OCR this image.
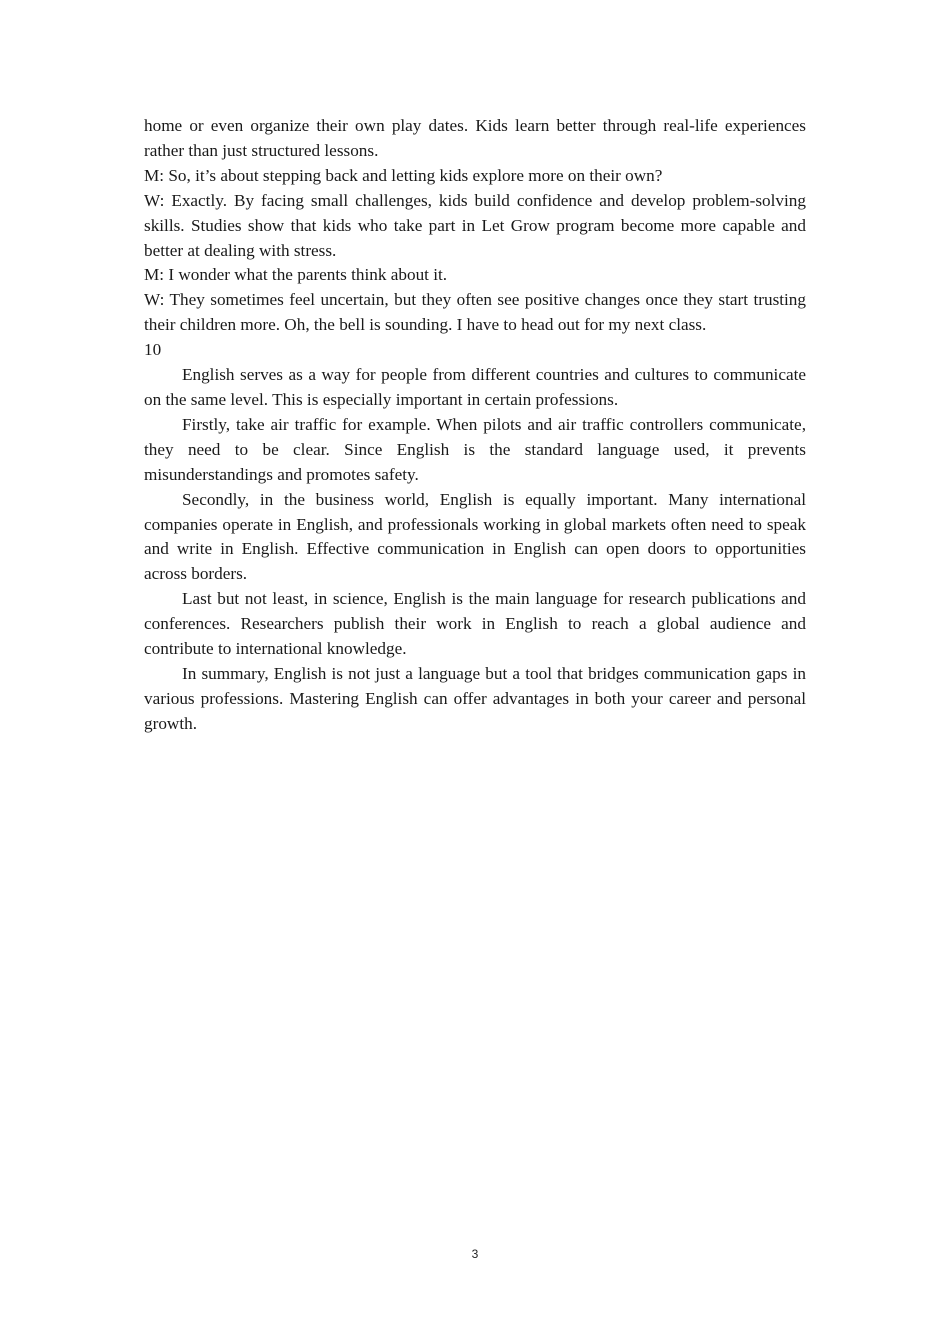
home or even organize their own play dates. Kids learn better through real-life experiences rather than just structured lessons.

M: So, it’s about stepping back and letting kids explore more on their own?

W: Exactly. By facing small challenges, kids build confidence and develop problem-solving skills. Studies show that kids who take part in Let Grow program become more capable and better at dealing with stress.

M: I wonder what the parents think about it.

W: They sometimes feel uncertain, but they often see positive changes once they start trusting their children more. Oh, the bell is sounding. I have to head out for my next class.

10

English serves as a way for people from different countries and cultures to communicate on the same level. This is especially important in certain professions.

Firstly, take air traffic for example. When pilots and air traffic controllers communicate, they need to be clear. Since English is the standard language used, it prevents misunderstandings and promotes safety.

Secondly, in the business world, English is equally important. Many international companies operate in English, and professionals working in global markets often need to speak and write in English. Effective communication in English can open doors to opportunities across borders.

Last but not least, in science, English is the main language for research publications and conferences. Researchers publish their work in English to reach a global audience and contribute to international knowledge.

In summary, English is not just a language but a tool that bridges communication gaps in various professions. Mastering English can offer advantages in both your career and personal growth.

3
